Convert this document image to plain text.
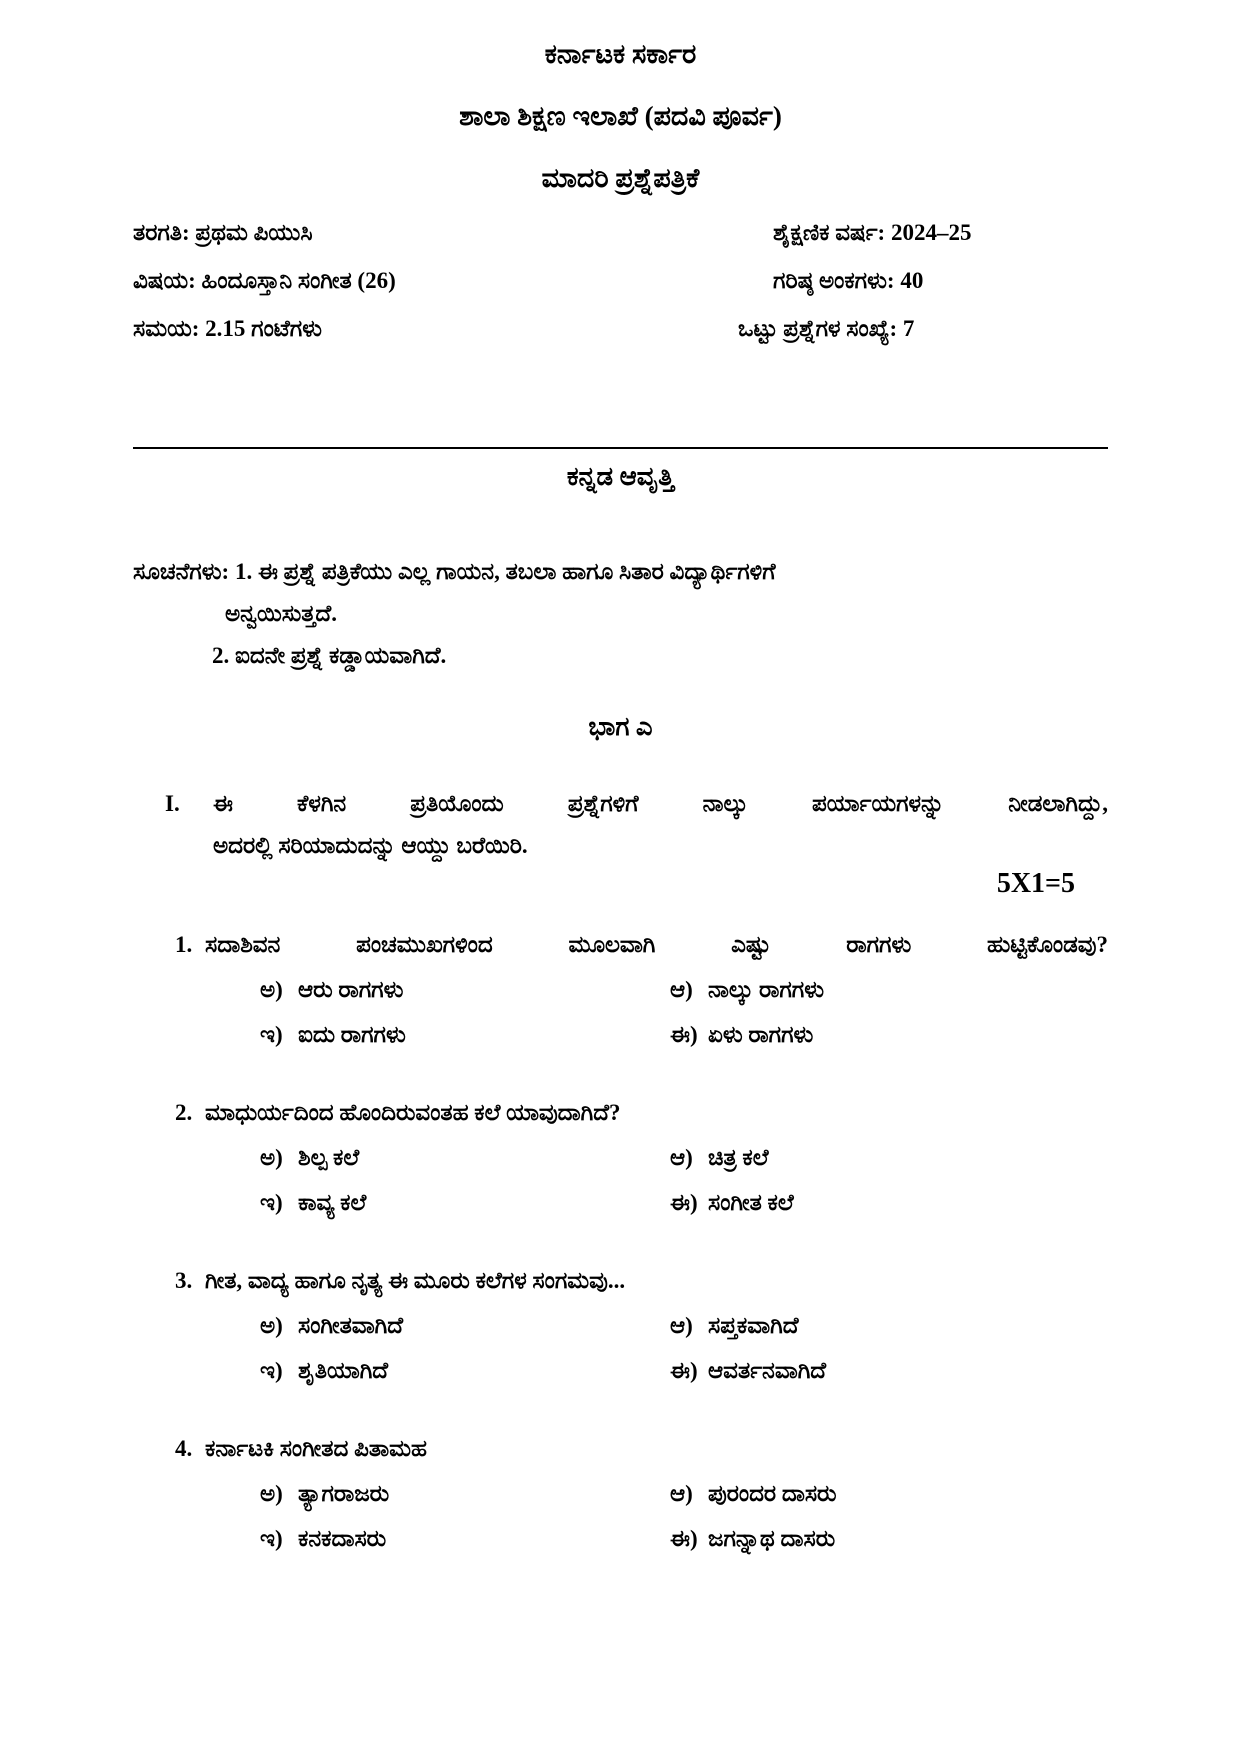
ಕರ್ನಾಟಕ ಸರ್ಕಾರ
ಶಾಲಾ ಶಿಕ್ಷಣ ಇಲಾಖೆ (ಪದವಿ ಪೂರ್ವ)
ಮಾದರಿ ಪ್ರಶ್ನೆಪತ್ರಿಕೆ
ತರಗತಿ: ಪ್ರಥಮ ಪಿಯುಸಿ	ಶೈಕ್ಷಣಿಕ ವರ್ಷ: 2024–25
ವಿಷಯ: ಹಿಂದೂಸ್ತಾನಿ ಸಂಗೀತ (26)	ಗರಿಷ್ಠ ಅಂಕಗಳು: 40
ಸಮಯ: 2.15 ಗಂಟೆಗಳು	ಒಟ್ಟು ಪ್ರಶ್ನೆಗಳ ಸಂಖ್ಯೆ: 7
ಕನ್ನಡ ಆವೃತ್ತಿ
ಸೂಚನೆಗಳು: 1. ಈ ಪ್ರಶ್ನೆ ಪತ್ರಿಕೆಯು ಎಲ್ಲ ಗಾಯನ, ತಬಲಾ ಹಾಗೂ ಸಿತಾರ ವಿದ್ಯಾರ್ಥಿಗಳಿಗೆ
ಅನ್ವಯಿಸುತ್ತದೆ.
2. ಐದನೇ ಪ್ರಶ್ನೆ ಕಡ್ಡಾಯವಾಗಿದೆ.
ಭಾಗ ಎ
I.	ಈ ಕೆಳಗಿನ ಪ್ರತಿಯೊಂದು ಪ್ರಶ್ನೆಗಳಿಗೆ ನಾಲ್ಕು ಪರ್ಯಾಯಗಳನ್ನು ನೀಡಲಾಗಿದ್ದು,
ಅದರಲ್ಲಿ ಸರಿಯಾದುದನ್ನು ಆಯ್ದು ಬರೆಯಿರಿ.
5X1=5
1. ಸದಾಶಿವನ ಪಂಚಮುಖಗಳಿಂದ ಮೂಲವಾಗಿ ಎಷ್ಟು ರಾಗಗಳು ಹುಟ್ಟಿಕೊಂಡವು?
ಅ) ಆರು ರಾಗಗಳು	ಆ) ನಾಲ್ಕು ರಾಗಗಳು
ಇ) ಐದು ರಾಗಗಳು	ಈ) ಏಳು ರಾಗಗಳು
2. ಮಾಧುರ್ಯದಿಂದ ಹೊಂದಿರುವಂತಹ ಕಲೆ ಯಾವುದಾಗಿದೆ?
ಅ) ಶಿಲ್ಪ ಕಲೆ	ಆ) ಚಿತ್ರ ಕಲೆ
ಇ) ಕಾವ್ಯ ಕಲೆ	ಈ) ಸಂಗೀತ ಕಲೆ
3. ಗೀತ, ವಾದ್ಯ ಹಾಗೂ ನೃತ್ಯ ಈ ಮೂರು ಕಲೆಗಳ ಸಂಗಮವು...
ಅ) ಸಂಗೀತವಾಗಿದೆ	ಆ) ಸಪ್ತಕವಾಗಿದೆ
ಇ) ಶೃತಿಯಾಗಿದೆ	ಈ) ಆವರ್ತನವಾಗಿದೆ
4. ಕರ್ನಾಟಕಿ ಸಂಗೀತದ ಪಿತಾಮಹ
ಅ) ತ್ಯಾಗರಾಜರು	ಆ) ಪುರಂದರ ದಾಸರು
ಇ) ಕನಕದಾಸರು	ಈ) ಜಗನ್ನಾಥ ದಾಸರು
